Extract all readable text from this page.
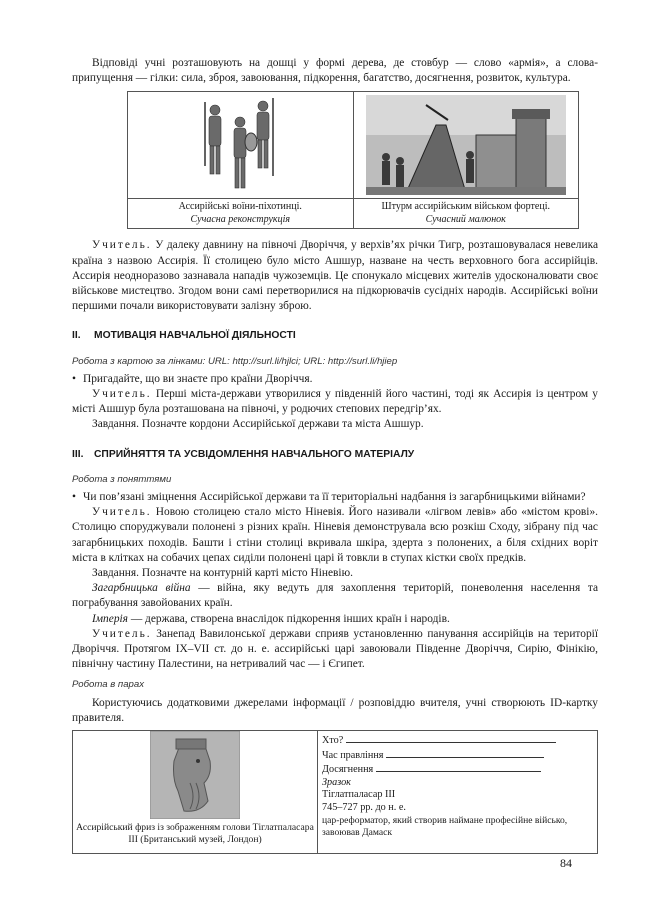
Відповіді учні розташовують на дошці у формі дерева, де стовбур — слово «армія», а слова-припущення — гілки: сила, зброя, завоювання, підкорення, багатство, досягнення, розвиток, культура.

Ассирійські воїни-піхотинці.
Сучасна реконструкція
Штурм ассирійським військом фортеці.
Сучасний малюнок

Учитель. У далеку давнину на півночі Дворіччя, у верхів’ях річки Тигр, розташовувалася невелика країна з назвою Ассирія. Її столицею було місто Ашшур, назване на честь верховного бога ассирійців. Ассирія неодноразово зазнавала нападів чужоземців. Це спонукало місцевих жителів удосконалювати своє військове мистецтво. Згодом вони самі перетворилися на підкорювачів сусідніх народів. Ассирійські воїни першими почали використовувати залізну зброю.

II. МОТИВАЦІЯ НАВЧАЛЬНОЇ ДІЯЛЬНОСТІ
Робота з картою за лінками: URL: http://surl.li/hjlci; URL: http://surl.li/hjiep
• Пригадайте, що ви знаєте про країни Дворіччя.

Учитель. Перші міста-держави утворилися у південній його частині, тоді як Ассирія із центром у місті Ашшур була розташована на півночі, у родючих степових передгір’ях.

Завдання. Позначте кордони Ассирійської держави та міста Ашшур.

III. СПРИЙНЯТТЯ ТА УСВІДОМЛЕННЯ НАВЧАЛЬНОГО МАТЕРІАЛУ
Робота з поняттями
• Чи пов’язані зміцнення Ассирійської держави та її територіальні надбання із загарбницькими війнами?

Учитель. Новою столицею стало місто Ніневія. Його називали «лігвом левів» або «містом крові». Столицю споруджували полонені з різних країн. Ніневія демонструвала всю розкіш Сходу, зібрану під час загарбницьких походів. Башти і стіни столиці вкривала шкіра, здерта з полонених, а біля східних воріт міста в клітках на собачих цепах сиділи полонені царі й товкли в ступах кістки своїх предків.

Завдання. Позначте на контурній карті місто Ніневію.

Загарбницька війна — війна, яку ведуть для захоплення територій, поневолення населення та пограбування завойованих країн.

Імперія — держава, створена внаслідок підкорення інших країн і народів.

Учитель. Занепад Вавилонської держави сприяв установленню панування ассирійців на території Дворіччя. Протягом IX–VII ст. до н. е. ассирійські царі завоювали Південне Дворіччя, Сирію, Фінікію, північну частину Палестини, на нетривалий час — і Єгипет.

Робота в парах

Користуючись додатковими джерелами інформації / розповіддю вчителя, учні створюють ID-картку правителя.

Ассирійський фриз із зображенням голови Тіглатпаласара III (Британський музей, Лондон)
Хто?
Час правління
Досягнення
Зразок
Тіглатпаласар III
745–727 рр. до н. е.
цар-реформатор, який створив наймане професійне військо, завоював Дамаск
84
